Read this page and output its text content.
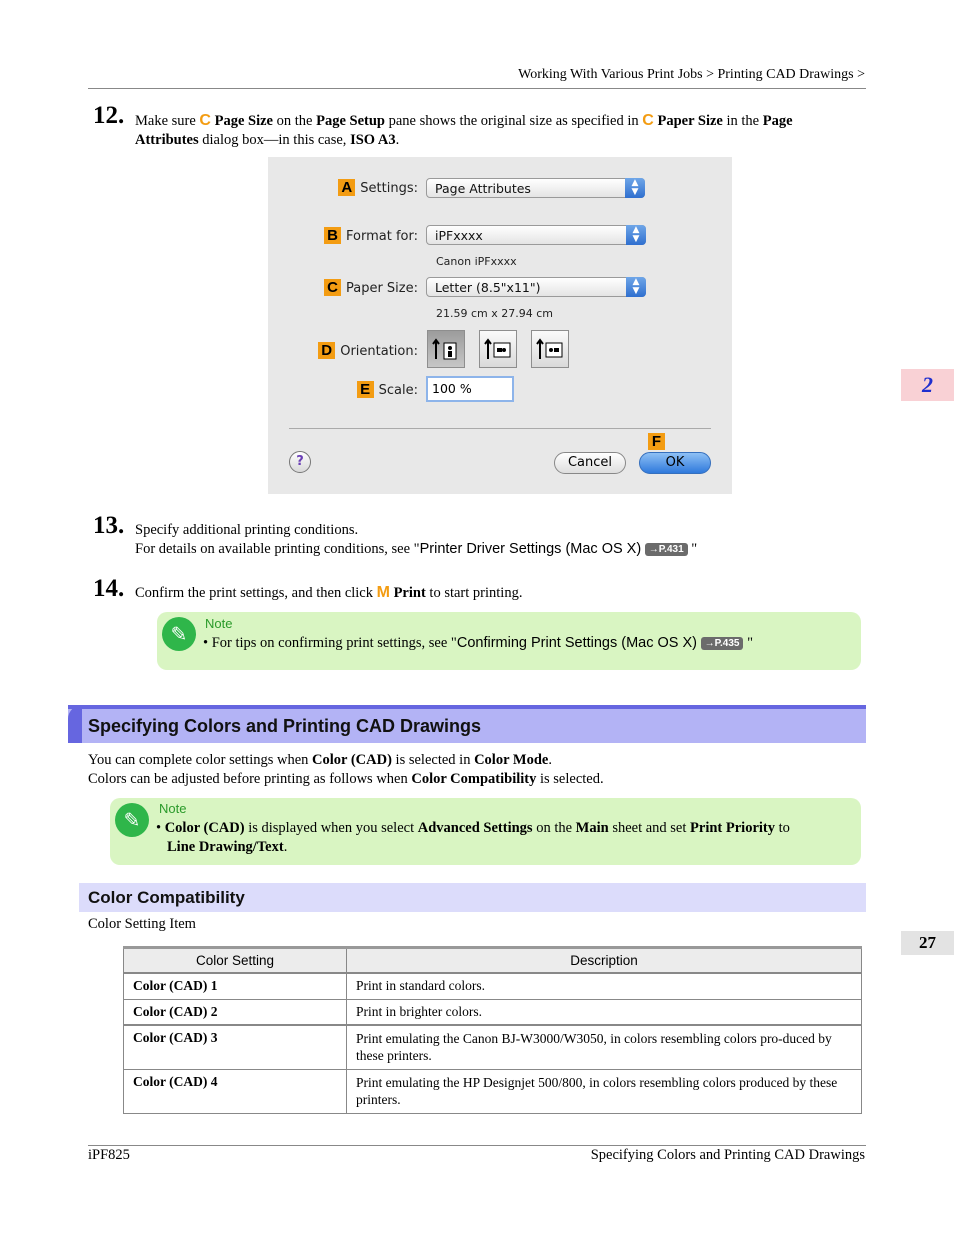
Working With Various Print Jobs > Printing CAD Drawings >
12. Make sure C Page Size on the Page Setup pane shows the original size as specified in C Paper Size in the Page
Attributes dialog box—in this case, ISO A3.
A Settings:	Page Attributes	▲
▼
B Format for:	iPFxxxx	▲
▼
Canon iPFxxxx
C Paper Size:	Letter (8.5"x11")	▲
▼
21.59 cm x 27.94 cm
D Orientation:
E Scale:	100 %
F
?	Cancel	OK
13. Specify additional printing conditions.
For details on available printing conditions, see "Printer Driver Settings (Mac OS X) →P.431 "
14. Confirm the print settings, and then click M Print to start printing.
✎	Note
• For tips on confirming print settings, see "Confirming Print Settings (Mac OS X) →P.435 "
Specifying Colors and Printing CAD Drawings
You can complete color settings when Color (CAD) is selected in Color Mode.
Colors can be adjusted before printing as follows when Color Compatibility is selected.
✎	Note
• Color (CAD) is displayed when you select Advanced Settings on the Main sheet and set Print Priority to
Line Drawing/Text.
Color Compatibility
Color Setting Item
Color Setting	Description
Color (CAD) 1	Print in standard colors.
Color (CAD) 2	Print in brighter colors.
Color (CAD) 3	Print emulating the Canon BJ-W3000/W3050, in colors resembling colors pro-duced by these printers.
Color (CAD) 4	Print emulating the HP Designjet 500/800, in colors resembling colors produced by these printers.
2
27
iPF825	Specifying Colors and Printing CAD Drawings
